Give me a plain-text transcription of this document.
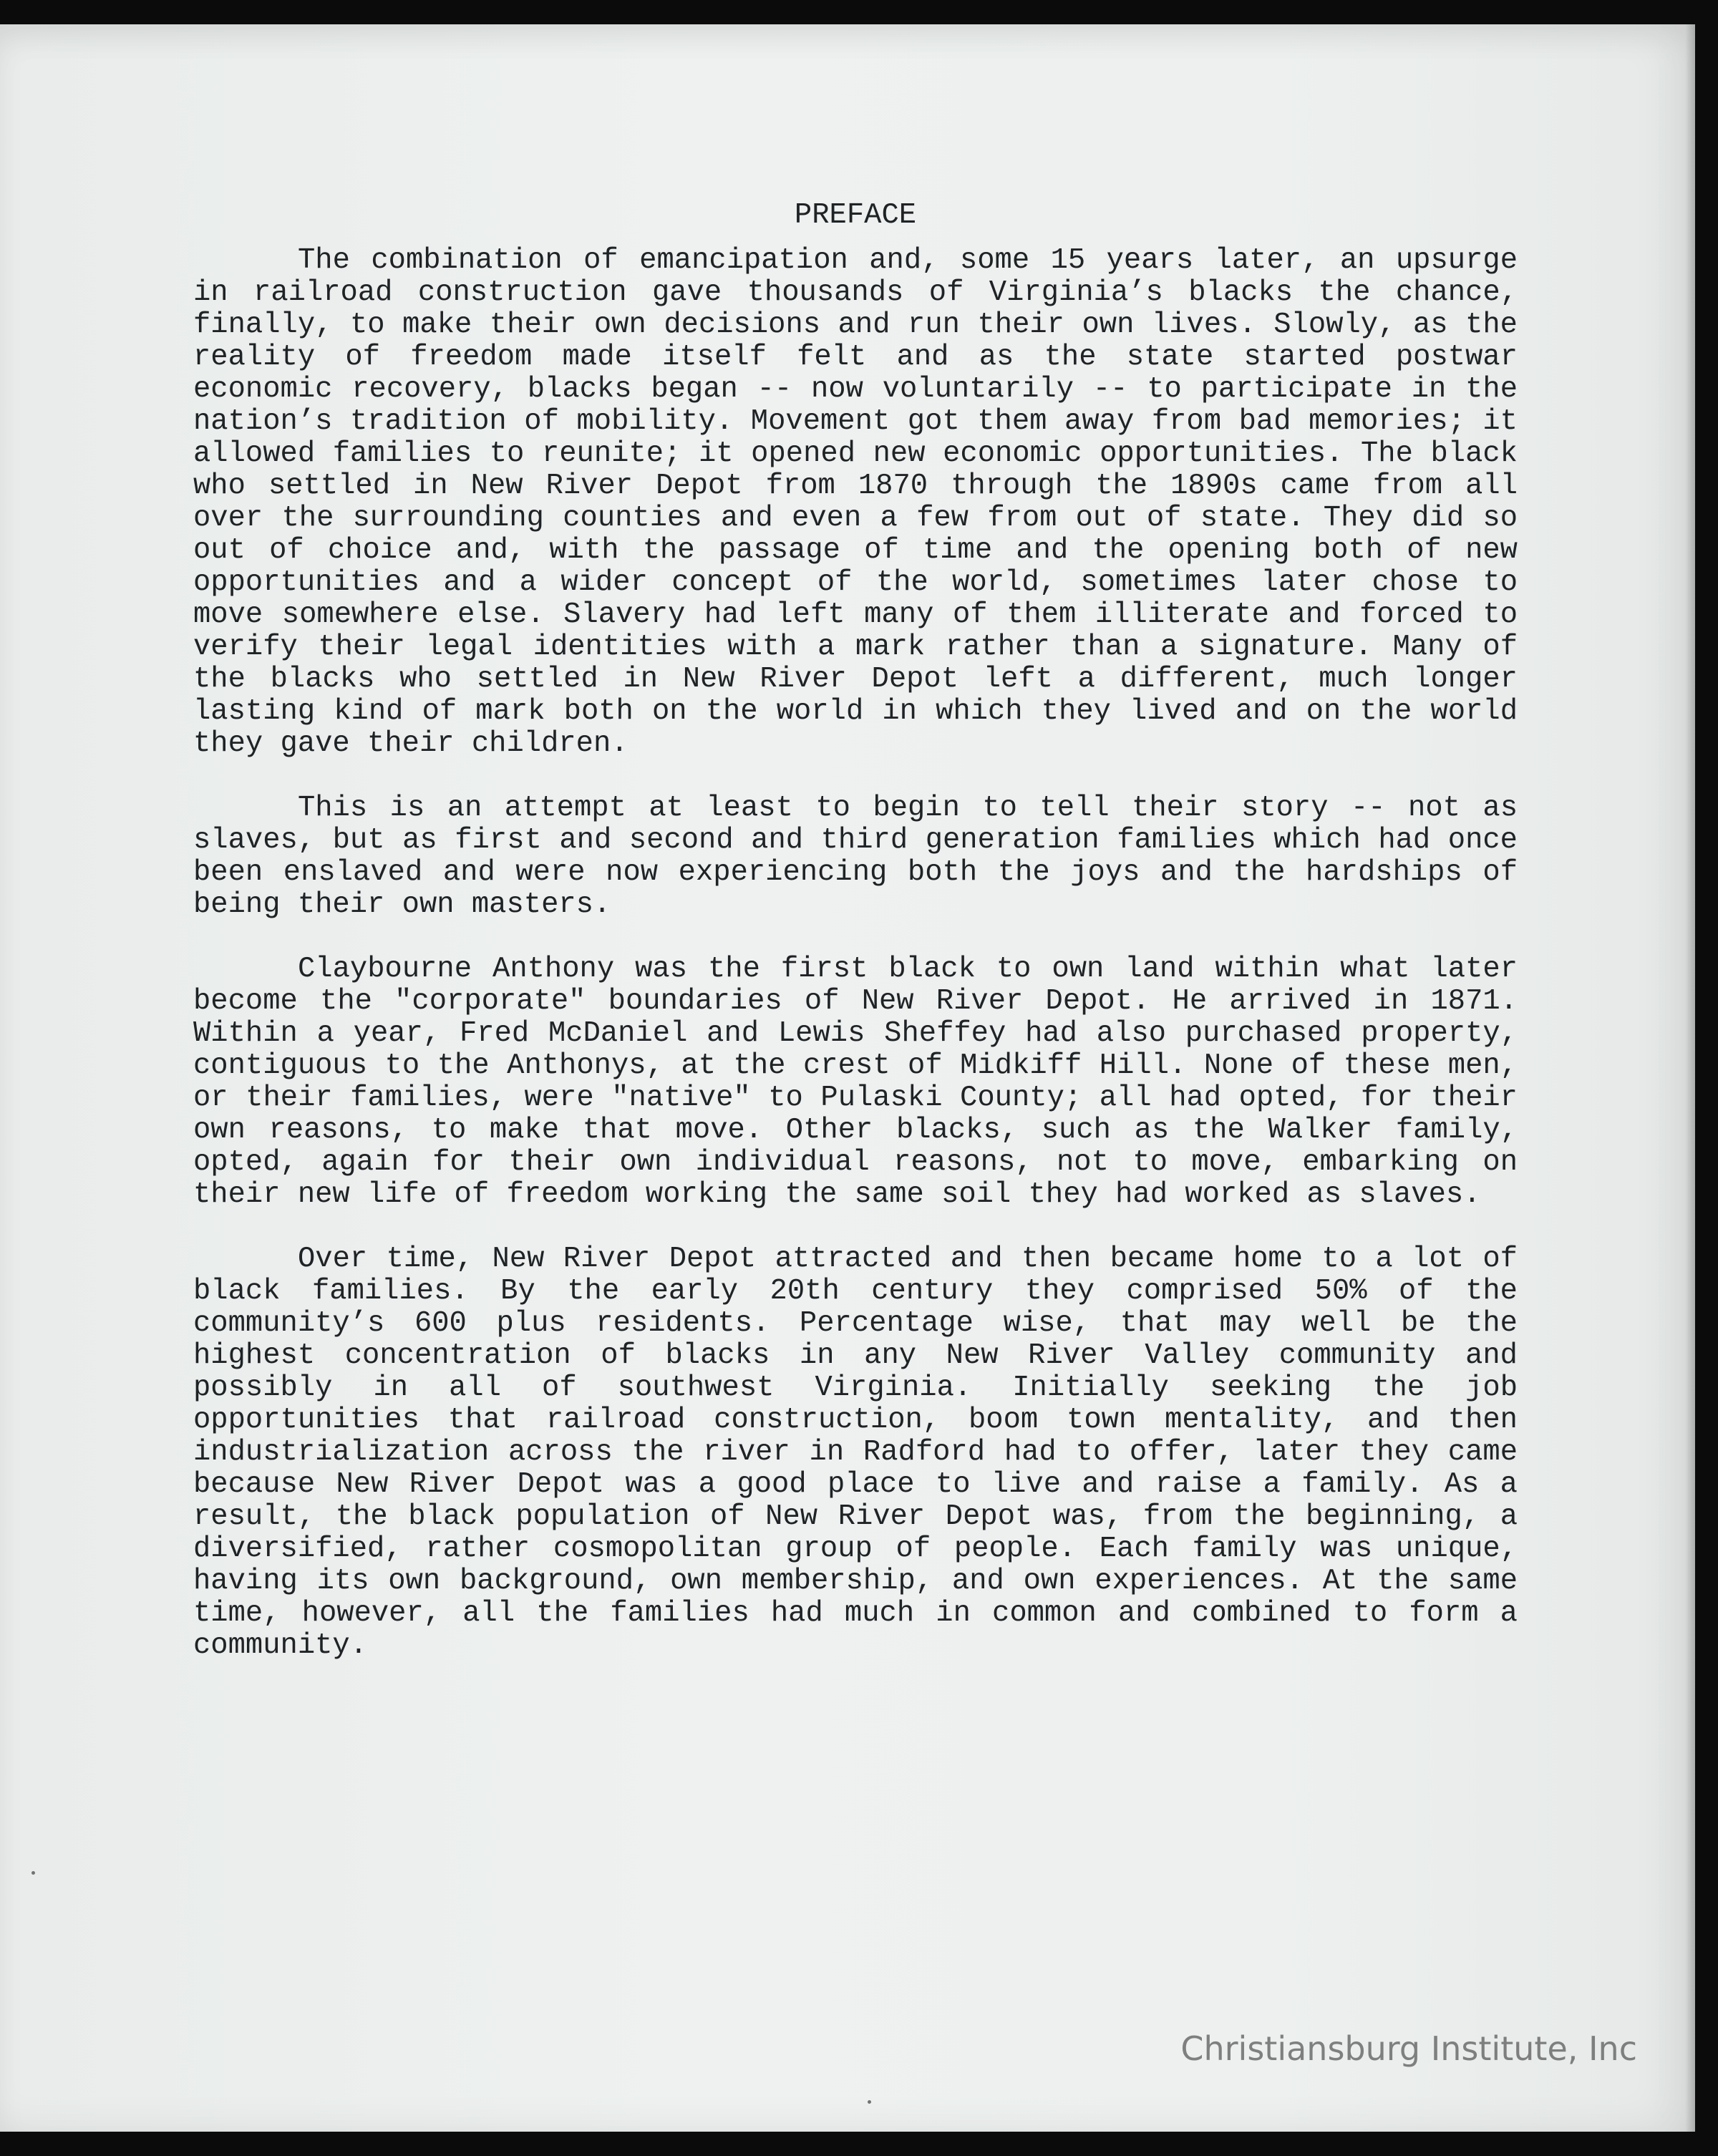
PREFACE

The combination of emancipation and, some 15 years later, an upsurge in railroad construction gave thousands of Virginia’s blacks the chance, finally, to make their own decisions and run their own lives. Slowly, as the reality of freedom made itself felt and as the state started postwar economic recovery, blacks began -- now voluntarily -- to participate in the nation’s tradition of mobility. Movement got them away from bad memories; it allowed families to reunite; it opened new economic opportunities. The black who settled in New River Depot from 1870 through the 1890s came from all over the surrounding counties and even a few from out of state. They did so out of choice and, with the passage of time and the opening both of new opportunities and a wider concept of the world, sometimes later chose to move somewhere else. Slavery had left many of them illiterate and forced to verify their legal identities with a mark rather than a signature. Many of the blacks who settled in New River Depot left a different, much longer lasting kind of mark both on the world in which they lived and on the world they gave their children.

This is an attempt at least to begin to tell their story -- not as slaves, but as first and second and third generation families which had once been enslaved and were now experiencing both the joys and the hardships of being their own masters.

Claybourne Anthony was the first black to own land within what later become the "corporate" boundaries of New River Depot. He arrived in 1871. Within a year, Fred McDaniel and Lewis Sheffey had also purchased property, contiguous to the Anthonys, at the crest of Midkiff Hill. None of these men, or their families, were "native" to Pulaski County; all had opted, for their own reasons, to make that move. Other blacks, such as the Walker family, opted, again for their own individual reasons, not to move, embarking on their new life of freedom working the same soil they had worked as slaves.

Over time, New River Depot attracted and then became home to a lot of black families. By the early 20th century they comprised 50% of the community’s 600 plus residents. Percentage wise, that may well be the highest concentration of blacks in any New River Valley community and possibly in all of southwest Virginia. Initially seeking the job opportunities that railroad construction, boom town mentality, and then industrialization across the river in Radford had to offer, later they came because New River Depot was a good place to live and raise a family. As a result, the black population of New River Depot was, from the beginning, a diversified, rather cosmopolitan group of people. Each family was unique, having its own background, own membership, and own experiences. At the same time, however, all the families had much in common and combined to form a community.

Christiansburg Institute, Inc
